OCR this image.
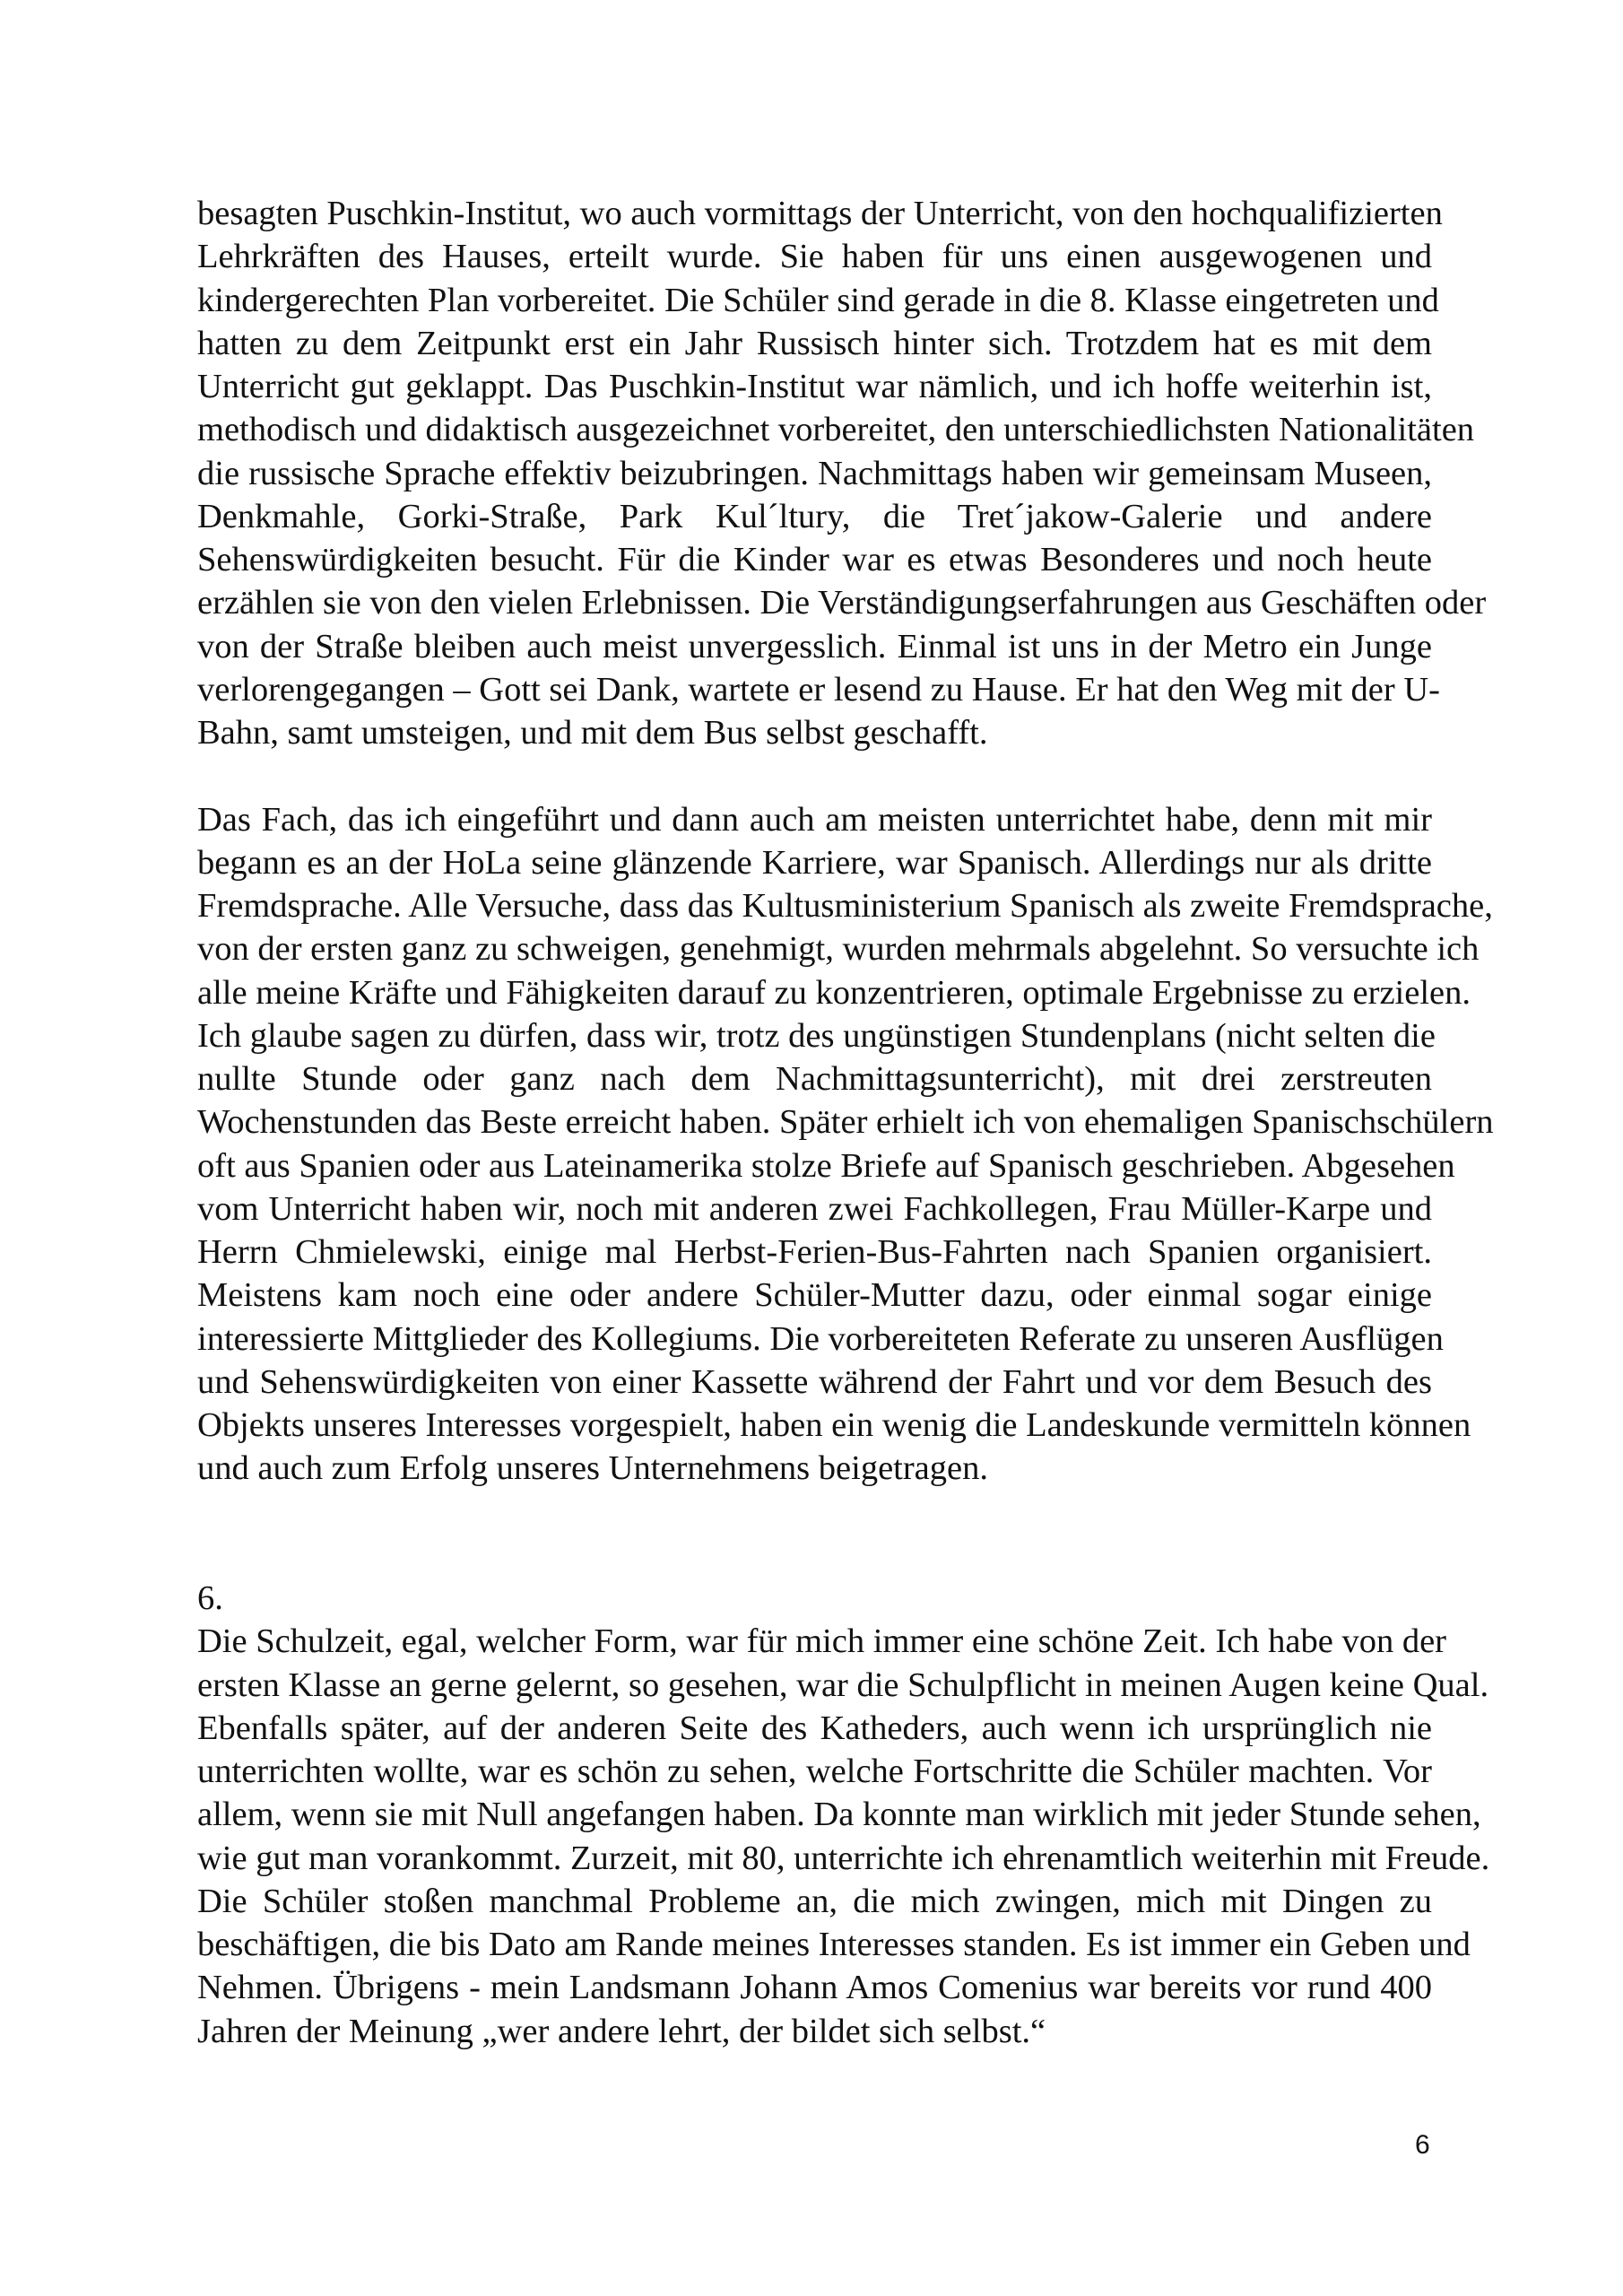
besagten Puschkin-Institut, wo auch vormittags der Unterricht, von den hochqualifizierten
Lehrkräften des Hauses, erteilt wurde. Sie haben für uns einen ausgewogenen und
kindergerechten Plan vorbereitet. Die Schüler sind gerade in die 8. Klasse eingetreten und
hatten zu dem Zeitpunkt erst ein Jahr Russisch hinter sich. Trotzdem hat es mit dem
Unterricht gut geklappt. Das Puschkin-Institut war nämlich, und ich hoffe weiterhin ist,
methodisch und didaktisch ausgezeichnet vorbereitet, den unterschiedlichsten Nationalitäten
die russische Sprache effektiv beizubringen. Nachmittags haben wir gemeinsam Museen,
Denkmahle, Gorki-Straße, Park Kul´ltury, die Tret´jakow-Galerie und andere
Sehenswürdigkeiten besucht. Für die Kinder war es etwas Besonderes und noch heute
erzählen sie von den vielen Erlebnissen. Die Verständigungserfahrungen aus Geschäften oder
von der Straße bleiben auch meist unvergesslich. Einmal ist uns in der Metro ein Junge
verlorengegangen – Gott sei Dank, wartete er lesend zu Hause. Er hat den Weg mit der U-
Bahn, samt umsteigen, und mit dem Bus selbst geschafft.
Das Fach, das ich eingeführt und dann auch am meisten unterrichtet habe, denn mit mir
begann es an der HoLa seine glänzende Karriere, war Spanisch. Allerdings nur als dritte
Fremdsprache. Alle Versuche, dass das Kultusministerium Spanisch als zweite Fremdsprache,
von der ersten ganz zu schweigen, genehmigt, wurden mehrmals abgelehnt. So versuchte ich
alle meine Kräfte und Fähigkeiten darauf zu konzentrieren, optimale Ergebnisse zu erzielen.
Ich glaube sagen zu dürfen, dass wir, trotz des ungünstigen Stundenplans (nicht selten die
nullte Stunde oder ganz nach dem Nachmittagsunterricht), mit drei zerstreuten
Wochenstunden das Beste erreicht haben. Später erhielt ich von ehemaligen Spanischschülern
oft aus Spanien oder aus Lateinamerika stolze Briefe auf Spanisch geschrieben. Abgesehen
vom Unterricht haben wir, noch mit anderen zwei Fachkollegen, Frau Müller-Karpe und
Herrn Chmielewski, einige mal Herbst-Ferien-Bus-Fahrten nach Spanien organisiert.
Meistens kam noch eine oder andere Schüler-Mutter dazu, oder einmal sogar einige
interessierte Mittglieder des Kollegiums. Die vorbereiteten Referate zu unseren Ausflügen
und Sehenswürdigkeiten von einer Kassette während der Fahrt und vor dem Besuch des
Objekts unseres Interesses vorgespielt, haben ein wenig die Landeskunde vermitteln können
und auch zum Erfolg unseres Unternehmens beigetragen.
6.
Die Schulzeit, egal, welcher Form, war für mich immer eine schöne Zeit. Ich habe von der
ersten Klasse an gerne gelernt, so gesehen, war die Schulpflicht in meinen Augen keine Qual.
Ebenfalls später, auf der anderen Seite des Katheders, auch wenn ich ursprünglich nie
unterrichten wollte, war es schön zu sehen, welche Fortschritte die Schüler machten. Vor
allem, wenn sie mit Null angefangen haben. Da konnte man wirklich mit jeder Stunde sehen,
wie gut man vorankommt. Zurzeit, mit 80, unterrichte ich ehrenamtlich weiterhin mit Freude.
Die Schüler stoßen manchmal Probleme an, die mich zwingen, mich mit Dingen zu
beschäftigen, die bis Dato am Rande meines Interesses standen. Es ist immer ein Geben und
Nehmen. Übrigens - mein Landsmann Johann Amos Comenius war bereits vor rund 400
Jahren der Meinung „wer andere lehrt, der bildet sich selbst.“
6
